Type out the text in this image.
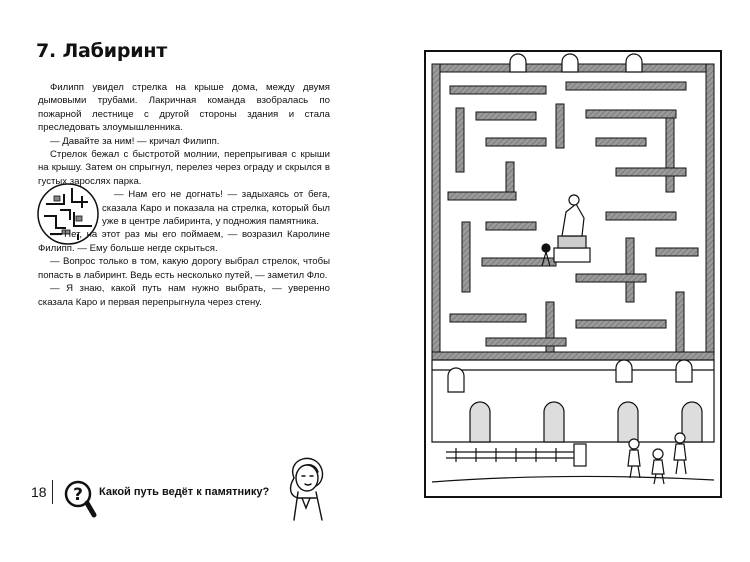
7. Лабиринт

Филипп увидел стрелка на крыше дома, между двумя дымовыми трубами. Лакричная команда взобралась по пожарной лестнице с другой стороны здания и стала преследовать злоумышленника.

— Давайте за ним! — кричал Филипп.

Стрелок бежал с быстротой молнии, перепрыгивая с крыши на крышу. Затем он спрыгнул, перелез через ограду и скрылся в густых зарослях парка.

— Нам его не догнать! — задыхаясь от бега, сказала Каро и показала на стрелка, который был уже в центре лабиринта, у подножия памятника.

— Нет, на этот раз мы его поймаем, — возразил Каролине Филипп. — Ему больше негде скрыться.

— Вопрос только в том, какую дорогу выбрал стрелок, чтобы попасть в лабиринт. Ведь есть несколько путей, — заметил Фло.

— Я знаю, какой путь нам нужно выбрать, — уверенно сказала Каро и первая перепрыгнула через стену.

18 ? Какой путь ведёт к памятнику?
